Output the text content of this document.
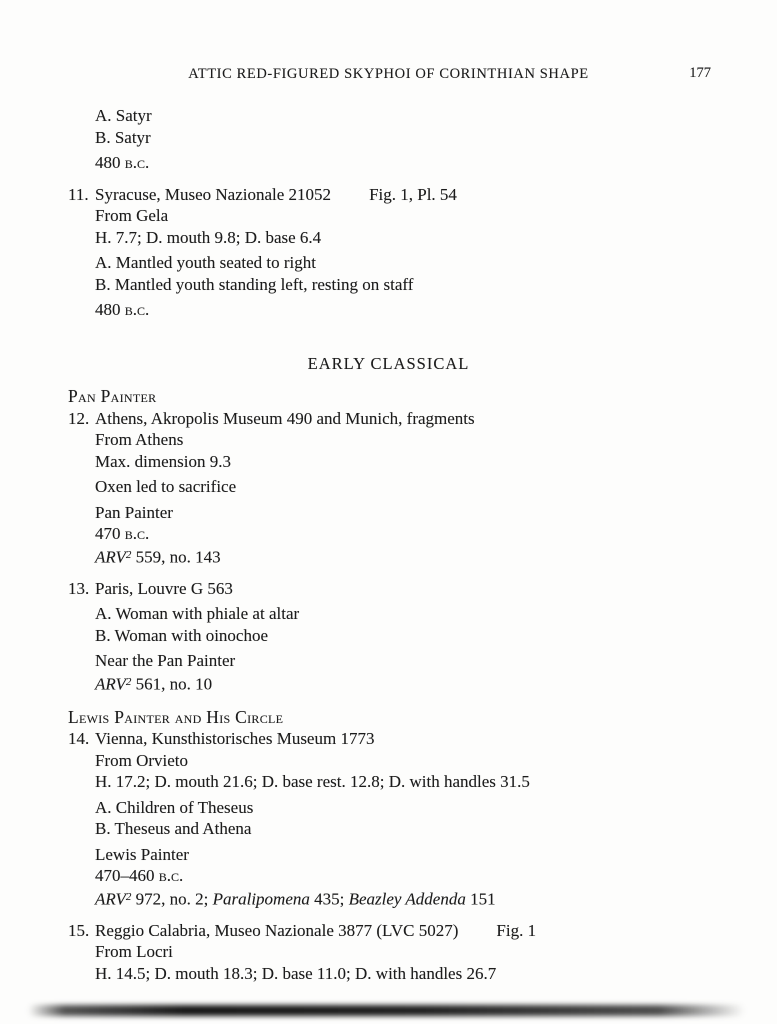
ATTIC RED-FIGURED SKYPHOI OF CORINTHIAN SHAPE	177
A. Satyr
B. Satyr
480 b.c.
11. Syracuse, Museo Nazionale 21052 Fig. 1, Pl. 54
From Gela
H. 7.7; D. mouth 9.8; D. base 6.4
A. Mantled youth seated to right
B. Mantled youth standing left, resting on staff
480 b.c.
EARLY CLASSICAL
Pan Painter
12. Athens, Akropolis Museum 490 and Munich, fragments
From Athens
Max. dimension 9.3
Oxen led to sacrifice
Pan Painter
470 b.c.
ARV$^2$ 559, no. 143
13. Paris, Louvre G 563
A. Woman with phiale at altar
B. Woman with oinochoe
Near the Pan Painter
ARV$^2$ 561, no. 10
Lewis Painter and His Circle
14. Vienna, Kunsthistorisches Museum 1773
From Orvieto
H. 17.2; D. mouth 21.6; D. base rest. 12.8; D. with handles 31.5
A. Children of Theseus
B. Theseus and Athena
Lewis Painter
470–460 b.c.
ARV$^2$ 972, no. 2; Paralipomena 435; Beazley Addenda 151
15. Reggio Calabria, Museo Nazionale 3877 (LVC 5027) Fig. 1
From Locri
H. 14.5; D. mouth 18.3; D. base 11.0; D. with handles 26.7
